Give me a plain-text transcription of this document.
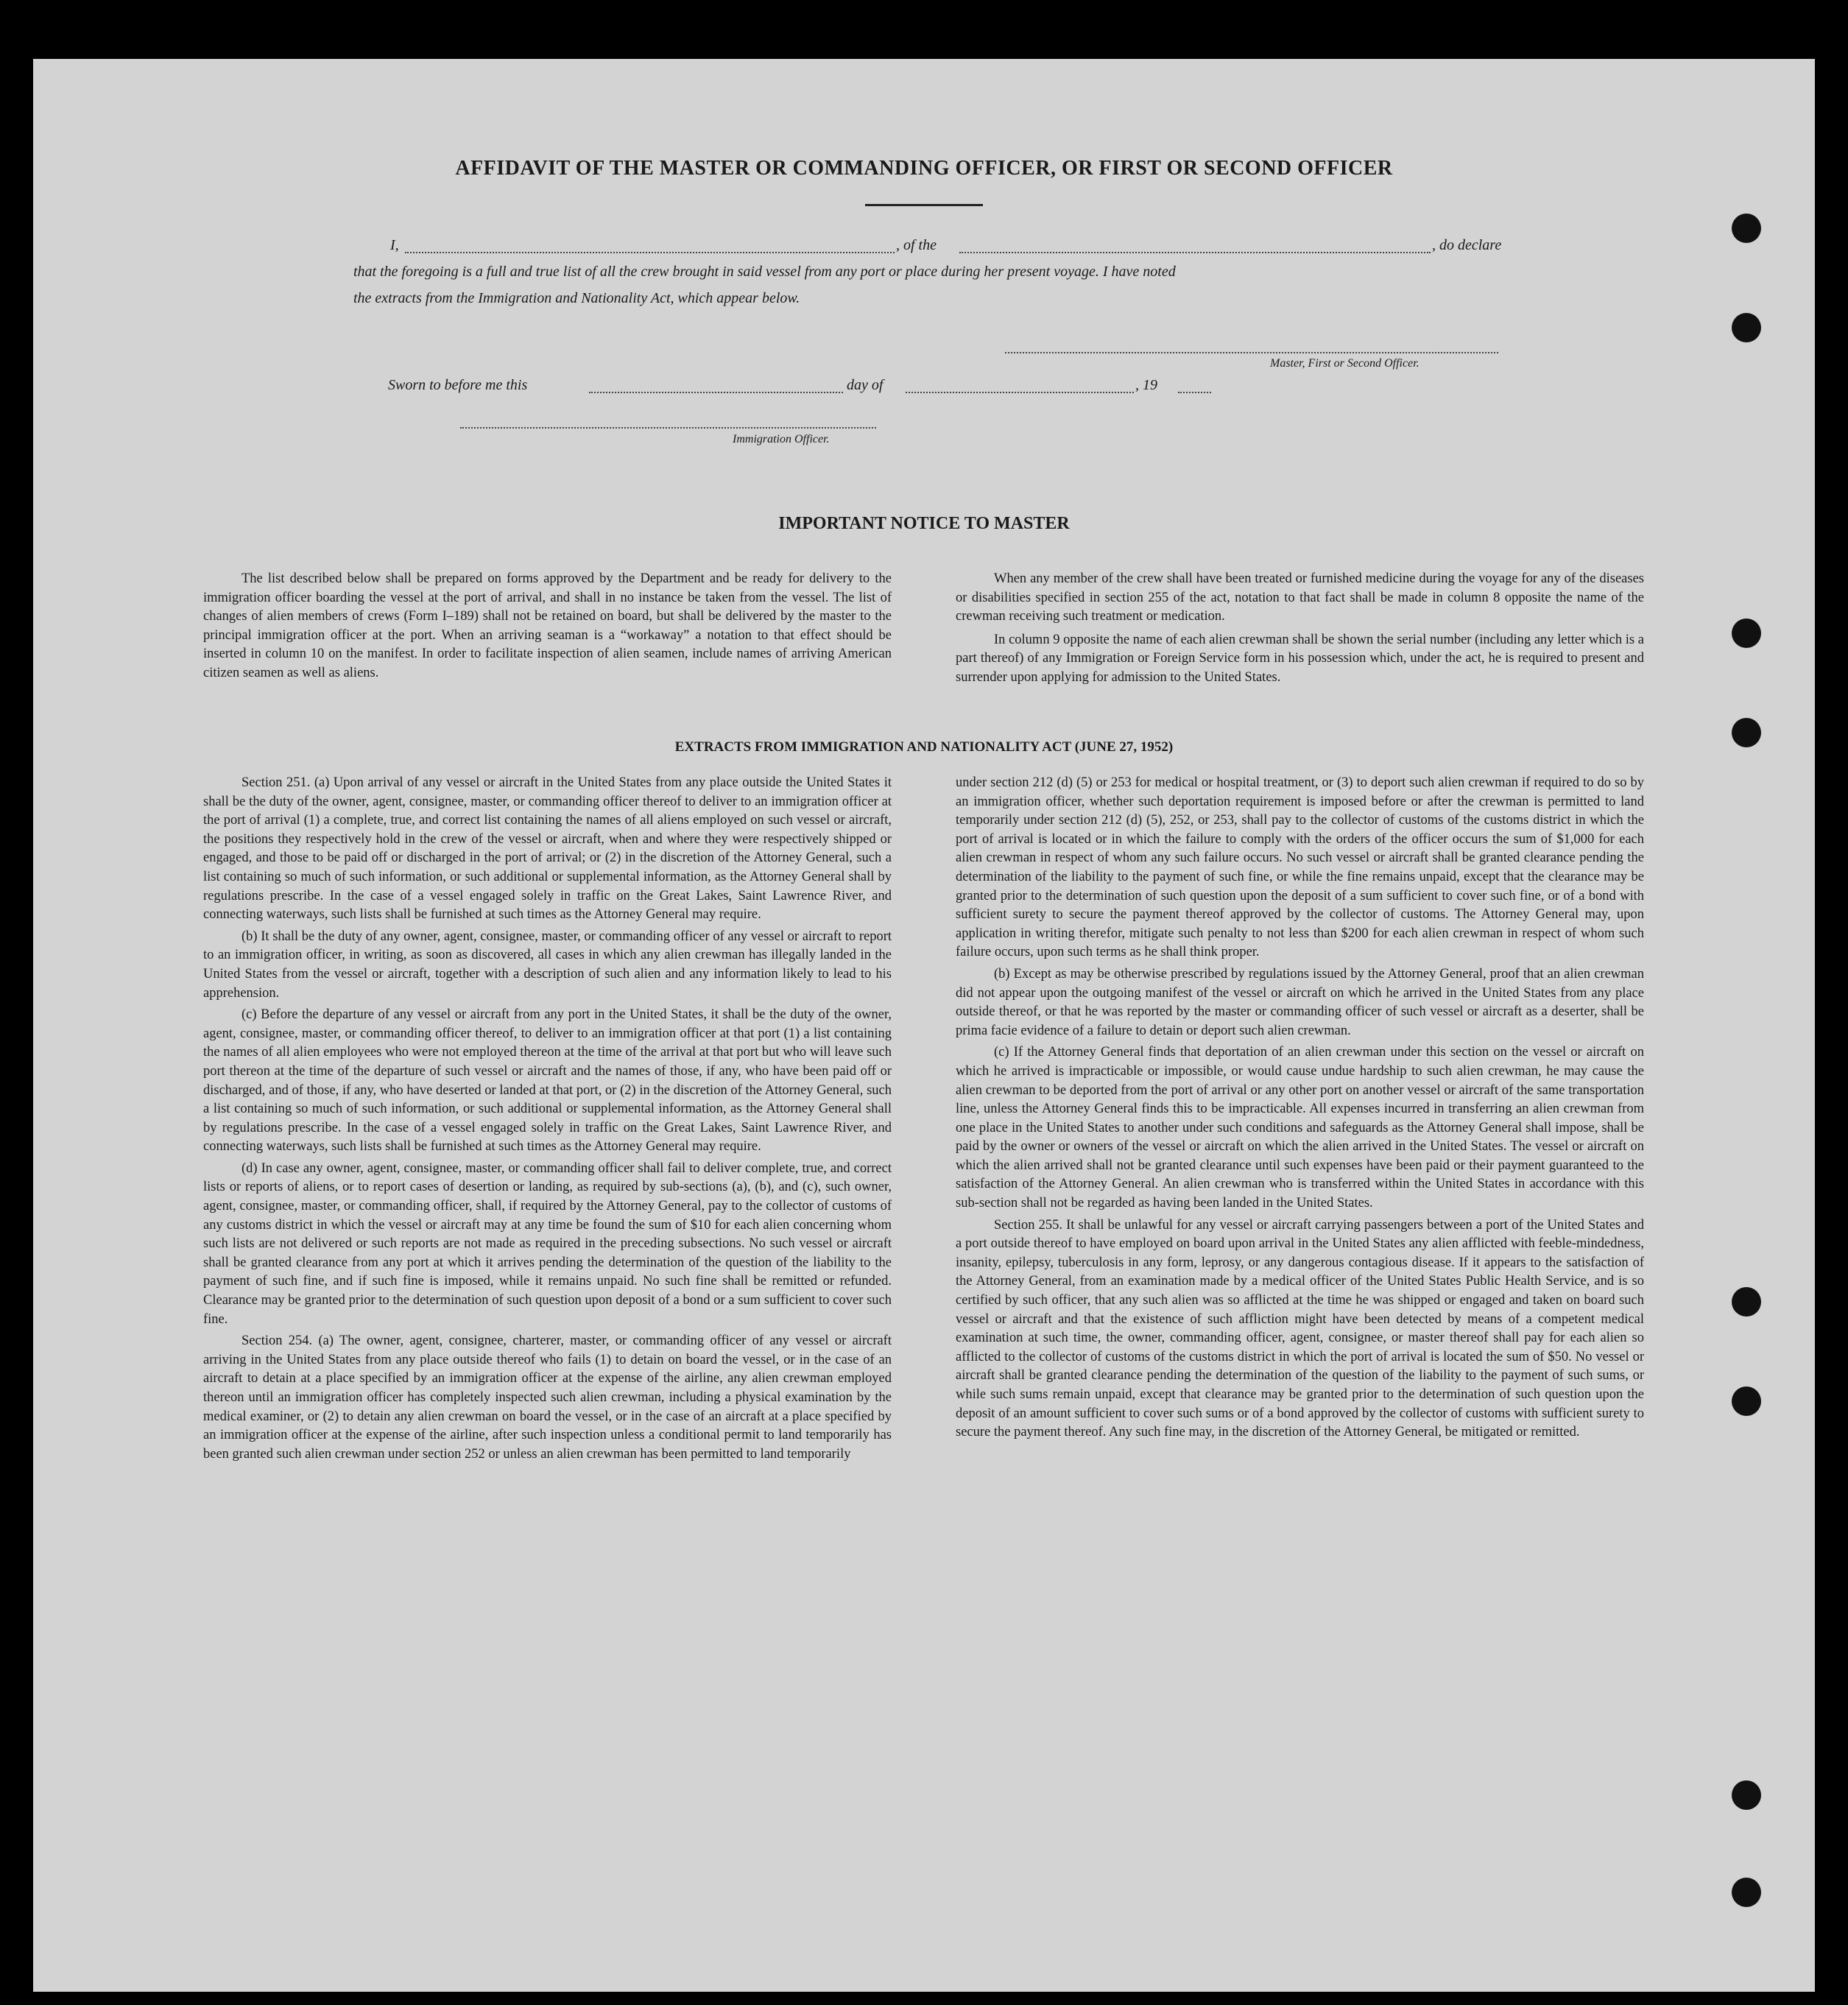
AFFIDAVIT OF THE MASTER OR COMMANDING OFFICER, OR FIRST OR SECOND OFFICER
I,	, of the	, do declare
that the foregoing is a full and true list of all the crew brought in said vessel from any port or place during her present voyage. I have noted
the extracts from the Immigration and Nationality Act, which appear below.
Master, First or Second Officer.
Sworn to before me this	day of	, 19
Immigration Officer.
IMPORTANT NOTICE TO MASTER

The list described below shall be prepared on forms approved by the Department and be ready for delivery to the immigration officer boarding the vessel at the port of arrival, and shall in no instance be taken from the vessel. The list of changes of alien members of crews (Form I–189) shall not be retained on board, but shall be delivered by the master to the principal immigration officer at the port. When an arriving seaman is a “workaway” a notation to that effect should be inserted in column 10 on the manifest. In order to facilitate inspection of alien seamen, include names of arriving American citizen seamen as well as aliens.

When any member of the crew shall have been treated or furnished medicine during the voyage for any of the diseases or disabilities specified in section 255 of the act, notation to that fact shall be made in column 8 opposite the name of the crewman receiving such treatment or medication.

In column 9 opposite the name of each alien crewman shall be shown the serial number (including any letter which is a part thereof) of any Immigration or Foreign Service form in his possession which, under the act, he is required to present and surrender upon applying for admission to the United States.

EXTRACTS FROM IMMIGRATION AND NATIONALITY ACT (JUNE 27, 1952)

Section 251. (a) Upon arrival of any vessel or aircraft in the United States from any place outside the United States it shall be the duty of the owner, agent, consignee, master, or commanding officer thereof to deliver to an immigration officer at the port of arrival (1) a complete, true, and correct list containing the names of all aliens employed on such vessel or aircraft, the positions they respectively hold in the crew of the vessel or aircraft, when and where they were respectively shipped or engaged, and those to be paid off or discharged in the port of arrival; or (2) in the discretion of the Attorney General, such a list containing so much of such information, or such additional or supplemental information, as the Attorney General shall by regulations prescribe. In the case of a vessel engaged solely in traffic on the Great Lakes, Saint Lawrence River, and connecting waterways, such lists shall be furnished at such times as the Attorney General may require.

(b) It shall be the duty of any owner, agent, consignee, master, or commanding officer of any vessel or aircraft to report to an immigration officer, in writing, as soon as discovered, all cases in which any alien crewman has illegally landed in the United States from the vessel or aircraft, together with a description of such alien and any information likely to lead to his apprehension.

(c) Before the departure of any vessel or aircraft from any port in the United States, it shall be the duty of the owner, agent, consignee, master, or commanding officer thereof, to deliver to an immigration officer at that port (1) a list containing the names of all alien employees who were not employed thereon at the time of the arrival at that port but who will leave such port thereon at the time of the departure of such vessel or aircraft and the names of those, if any, who have been paid off or discharged, and of those, if any, who have deserted or landed at that port, or (2) in the discretion of the Attorney General, such a list containing so much of such information, or such additional or supplemental information, as the Attorney General shall by regulations prescribe. In the case of a vessel engaged solely in traffic on the Great Lakes, Saint Lawrence River, and connecting waterways, such lists shall be furnished at such times as the Attorney General may require.

(d) In case any owner, agent, consignee, master, or commanding officer shall fail to deliver complete, true, and correct lists or reports of aliens, or to report cases of desertion or landing, as required by sub-sections (a), (b), and (c), such owner, agent, consignee, master, or commanding officer, shall, if required by the Attorney General, pay to the collector of customs of any customs district in which the vessel or aircraft may at any time be found the sum of $10 for each alien concerning whom such lists are not delivered or such reports are not made as required in the preceding subsections. No such vessel or aircraft shall be granted clearance from any port at which it arrives pending the determination of the question of the liability to the payment of such fine, and if such fine is imposed, while it remains unpaid. No such fine shall be remitted or refunded. Clearance may be granted prior to the determination of such question upon deposit of a bond or a sum sufficient to cover such fine.

Section 254. (a) The owner, agent, consignee, charterer, master, or commanding officer of any vessel or aircraft arriving in the United States from any place outside thereof who fails (1) to detain on board the vessel, or in the case of an aircraft to detain at a place specified by an immigration officer at the expense of the airline, any alien crewman employed thereon until an immigration officer has completely inspected such alien crewman, including a physical examination by the medical examiner, or (2) to detain any alien crewman on board the vessel, or in the case of an aircraft at a place specified by an immigration officer at the expense of the airline, after such inspection unless a conditional permit to land temporarily has been granted such alien crewman under section 252 or unless an alien crewman has been permitted to land temporarily

under section 212 (d) (5) or 253 for medical or hospital treatment, or (3) to deport such alien crewman if required to do so by an immigration officer, whether such deportation requirement is imposed before or after the crewman is permitted to land temporarily under section 212 (d) (5), 252, or 253, shall pay to the collector of customs of the customs district in which the port of arrival is located or in which the failure to comply with the orders of the officer occurs the sum of $1,000 for each alien crewman in respect of whom any such failure occurs. No such vessel or aircraft shall be granted clearance pending the determination of the liability to the payment of such fine, or while the fine remains unpaid, except that the clearance may be granted prior to the determination of such question upon the deposit of a sum sufficient to cover such fine, or of a bond with sufficient surety to secure the payment thereof approved by the collector of customs. The Attorney General may, upon application in writing therefor, mitigate such penalty to not less than $200 for each alien crewman in respect of whom such failure occurs, upon such terms as he shall think proper.

(b) Except as may be otherwise prescribed by regulations issued by the Attorney General, proof that an alien crewman did not appear upon the outgoing manifest of the vessel or aircraft on which he arrived in the United States from any place outside thereof, or that he was reported by the master or commanding officer of such vessel or aircraft as a deserter, shall be prima facie evidence of a failure to detain or deport such alien crewman.

(c) If the Attorney General finds that deportation of an alien crewman under this section on the vessel or aircraft on which he arrived is impracticable or impossible, or would cause undue hardship to such alien crewman, he may cause the alien crewman to be deported from the port of arrival or any other port on another vessel or aircraft of the same transportation line, unless the Attorney General finds this to be impracticable. All expenses incurred in transferring an alien crewman from one place in the United States to another under such conditions and safeguards as the Attorney General shall impose, shall be paid by the owner or owners of the vessel or aircraft on which the alien arrived in the United States. The vessel or aircraft on which the alien arrived shall not be granted clearance until such expenses have been paid or their payment guaranteed to the satisfaction of the Attorney General. An alien crewman who is transferred within the United States in accordance with this sub-section shall not be regarded as having been landed in the United States.

Section 255. It shall be unlawful for any vessel or aircraft carrying passengers between a port of the United States and a port outside thereof to have employed on board upon arrival in the United States any alien afflicted with feeble-mindedness, insanity, epilepsy, tuberculosis in any form, leprosy, or any dangerous contagious disease. If it appears to the satisfaction of the Attorney General, from an examination made by a medical officer of the United States Public Health Service, and is so certified by such officer, that any such alien was so afflicted at the time he was shipped or engaged and taken on board such vessel or aircraft and that the existence of such affliction might have been detected by means of a competent medical examination at such time, the owner, commanding officer, agent, consignee, or master thereof shall pay for each alien so afflicted to the collector of customs of the customs district in which the port of arrival is located the sum of $50. No vessel or aircraft shall be granted clearance pending the determination of the question of the liability to the payment of such sums, or while such sums remain unpaid, except that clearance may be granted prior to the determination of such question upon the deposit of an amount sufficient to cover such sums or of a bond approved by the collector of customs with sufficient surety to secure the payment thereof. Any such fine may, in the discretion of the Attorney General, be mitigated or remitted.
